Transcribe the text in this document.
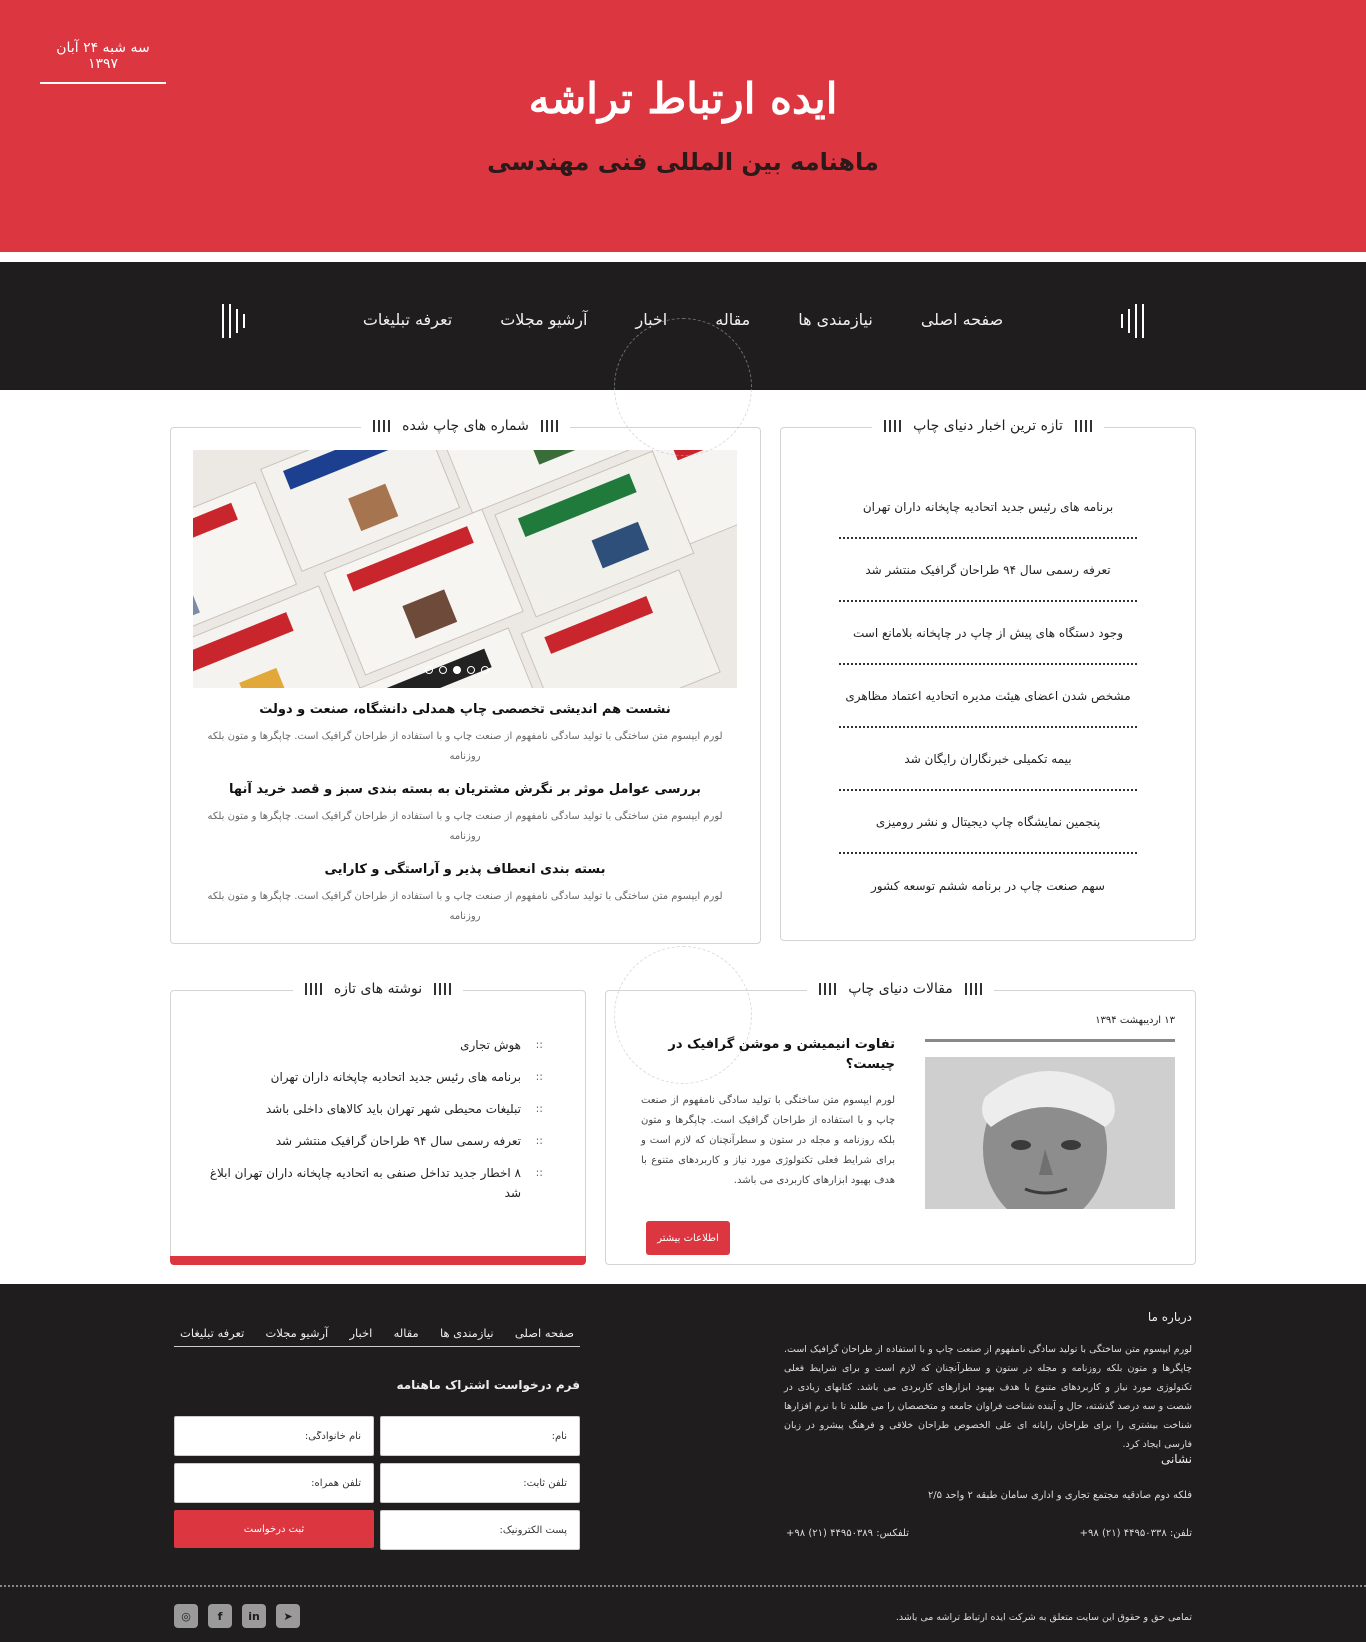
سه شبه ۲۴ آبان ۱۳۹۷
ایده ارتباط تراشه
ماهنامه بین المللی فنی مهندسی
صفحه اصلی
نیازمندی ها
مقاله
اخبار
آرشیو مجلات
تعرفه تبلیغات
تازه ترین اخبار دنیای چاپ
برنامه های رئیس جدید اتحادیه چاپخانه داران تهران
تعرفه رسمی سال ۹۴ طراحان گرافیک منتشر شد
وجود دستگاه های پیش از چاپ در چاپخانه بلامانع است
مشخص شدن اعضای هیئت مدیره اتحادیه اعتماد مظاهری
بیمه تکمیلی خبرنگاران رایگان شد
پنجمین نمایشگاه چاپ دیجیتال و نشر رومیزی
سهم صنعت چاپ در برنامه ششم توسعه کشور
شماره های چاپ شده
نشست هم اندیشی تخصصی چاپ همدلی دانشگاه، صنعت و دولت

لورم ایپسوم متن ساختگی با تولید سادگی نامفهوم از صنعت چاپ و با استفاده از طراحان گرافیک است. چاپگرها و متون بلکه روزنامه

بررسی عوامل موثر بر نگرش مشتریان به بسته بندی سبز و قصد خرید آنها

لورم ایپسوم متن ساختگی با تولید سادگی نامفهوم از صنعت چاپ و با استفاده از طراحان گرافیک است. چاپگرها و متون بلکه روزنامه

بسته بندی انعطاف پذیر و آراستگی و کارایی

لورم ایپسوم متن ساختگی با تولید سادگی نامفهوم از صنعت چاپ و با استفاده از طراحان گرافیک است. چاپگرها و متون بلکه روزنامه

مقالات دنیای چاپ
۱۳ اردیبهشت ۱۳۹۴
تفاوت انیمیشن و موشن گرافیک در چیست؟

لورم ایپسوم متن ساختگی با تولید سادگی نامفهوم از صنعت چاپ و با استفاده از طراحان گرافیک است. چاپگرها و متون بلکه روزنامه و مجله در ستون و سطرآنچنان که لازم است و برای شرایط فعلی تکنولوژی مورد نیاز و کاربردهای متنوع با هدف بهبود ابزارهای کاربردی می باشد.

اطلاعات بیشتر
نوشته های تازه
:: هوش تجاری
:: برنامه های رئیس جدید اتحادیه چاپخانه داران تهران
:: تبلیغات محیطی شهر تهران باید کالاهای داخلی باشد
:: تعرفه رسمی سال ۹۴ طراحان گرافیک منتشر شد
:: ۸ اخطار جدید تداخل صنفی به اتحادیه چاپخانه داران تهران ابلاغ شد
درباره ما

لورم ایپسوم متن ساختگی با تولید سادگی نامفهوم از صنعت چاپ و با استفاده از طراحان گرافیک است. چاپگرها و متون بلکه روزنامه و مجله در ستون و سطرآنچنان که لازم است و برای شرایط فعلی تکنولوژی مورد نیاز و کاربردهای متنوع با هدف بهبود ابزارهای کاربردی می باشد. کتابهای زیادی در شصت و سه درصد گذشته، حال و آینده شناخت فراوان جامعه و متخصصان را می طلبد تا با نرم افزارها شناخت بیشتری را برای طراحان رایانه ای علی الخصوص طراحان خلاقی و فرهنگ پیشرو در زبان فارسی ایجاد کرد.

نشانی
فلکه دوم صادقیه مجتمع تجاری و اداری سامان طبقه ۲ واحد ۲/۵
تلفن: ۴۴۹۵۰۳۳۸ (۲۱) ۹۸+
تلفکس: ۴۴۹۵۰۳۸۹ (۲۱) ۹۸+
صفحه اصلی
نیازمندی ها
مقاله
اخبار
آرشیو مجلات
تعرفه تبلیغات
فرم درخواست اشتراک ماهنامه
نام:
نام خانوادگی:
تلفن ثابت:
تلفن همراه:
پست الکترونیک:
ثبت درخواست
تمامی حق و حقوق این سایت متعلق به شرکت ایده ارتباط تراشه می باشد.
➤
in
f
◎
